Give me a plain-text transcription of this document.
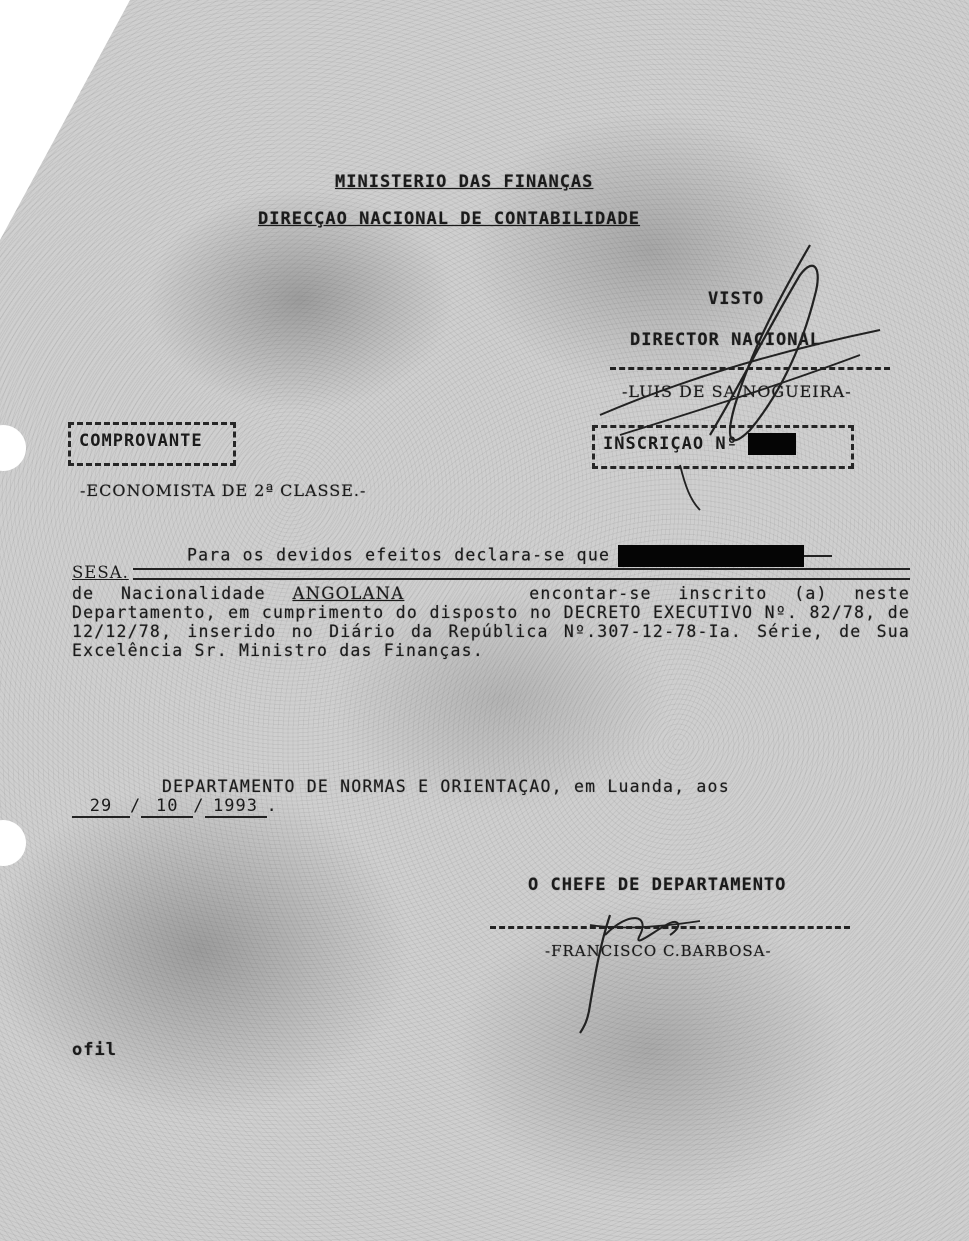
MINISTERIO DAS FINANÇAS
DIRECÇAO NACIONAL DE CONTABILIDADE
VISTO
DIRECTOR NACIONAL
-LUIS DE SA NOGUEIRA-
COMPROVANTE	INSCRIÇAO Nº
-ECONOMISTA DE 2ª CLASSE.-
Para os devidos efeitos declara-se que
SESA.
de Nacionalidade ANGOLANA	encontar-se inscrito (a) neste Departamento, em cumprimento do disposto no DECRETO EXECUTIVO Nº. 82/78, de 12/12/78, inserido no Diário da República Nº.307-12-78-Ia. Série, de Sua Excelência Sr. Ministro das Finanças.
DEPARTAMENTO DE NORMAS E ORIENTAÇAO, em Luanda, aos
29 / 10 / 1993 .
O CHEFE DE DEPARTAMENTO
-FRANCISCO C.BARBOSA-
ofil
